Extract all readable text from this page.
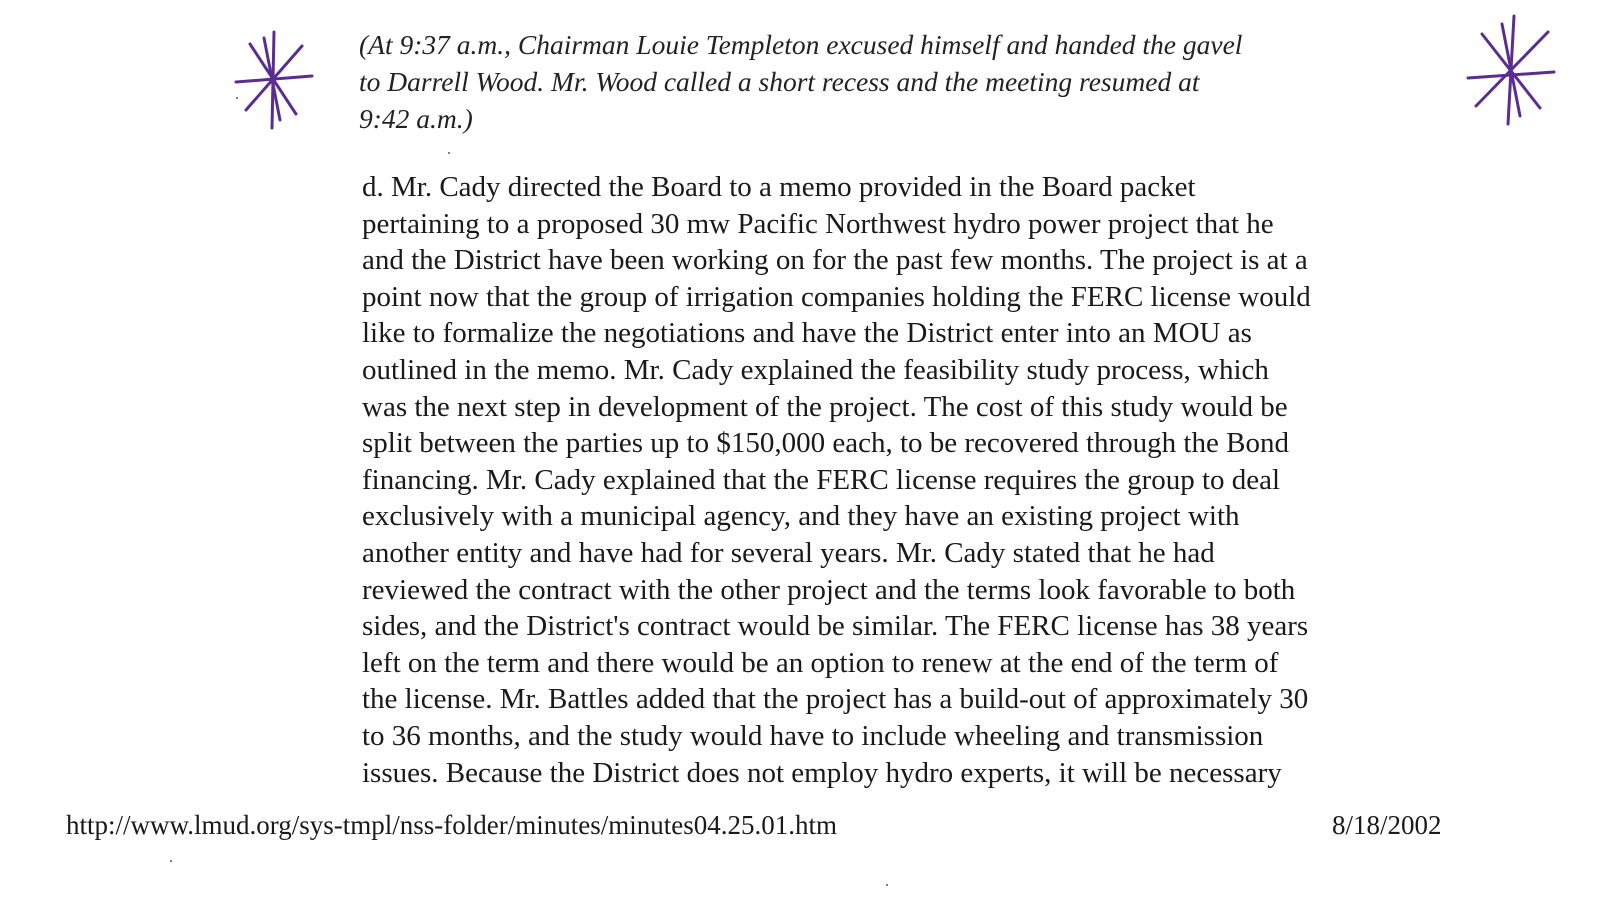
(At 9:37 a.m., Chairman Louie Templeton excused himself and handed the gavel
to Darrell Wood. Mr. Wood called a short recess and the meeting resumed at
9:42 a.m.)
d. Mr. Cady directed the Board to a memo provided in the Board packet
pertaining to a proposed 30 mw Pacific Northwest hydro power project that he
and the District have been working on for the past few months. The project is at a
point now that the group of irrigation companies holding the FERC license would
like to formalize the negotiations and have the District enter into an MOU as
outlined in the memo. Mr. Cady explained the feasibility study process, which
was the next step in development of the project. The cost of this study would be
split between the parties up to $150,000 each, to be recovered through the Bond
financing. Mr. Cady explained that the FERC license requires the group to deal
exclusively with a municipal agency, and they have an existing project with
another entity and have had for several years. Mr. Cady stated that he had
reviewed the contract with the other project and the terms look favorable to both
sides, and the District's contract would be similar. The FERC license has 38 years
left on the term and there would be an option to renew at the end of the term of
the license. Mr. Battles added that the project has a build-out of approximately 30
to 36 months, and the study would have to include wheeling and transmission
issues. Because the District does not employ hydro experts, it will be necessary
http://www.lmud.org/sys-tmpl/nss-folder/minutes/minutes04.25.01.htm	8/18/2002
